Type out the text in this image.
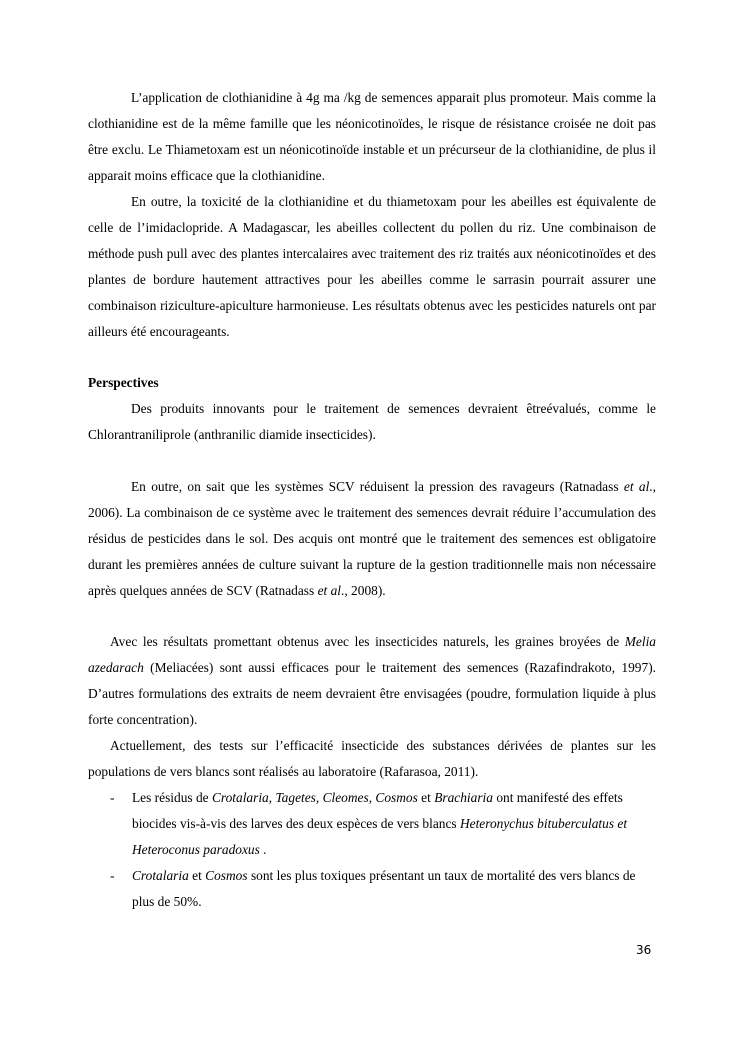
L’application de clothianidine à 4g ma /kg de semences apparait plus promoteur. Mais comme la clothianidine est de la même famille que les néonicotinoïdes, le risque de résistance croisée ne doit pas être exclu. Le Thiametoxam est un néonicotinoïde instable et un précurseur de la clothianidine, de plus il apparait moins efficace que la clothianidine.

En outre, la toxicité de la clothianidine et du thiametoxam pour les abeilles est équivalente de celle de l’imidaclopride. A Madagascar, les abeilles collectent du pollen du riz. Une combinaison de méthode push pull avec des plantes intercalaires avec traitement des riz traités aux néonicotinoïdes et des plantes de bordure hautement attractives pour les abeilles comme le sarrasin pourrait assurer une combinaison riziculture-apiculture harmonieuse. Les résultats obtenus avec les pesticides naturels ont par ailleurs été encourageants.

Perspectives

Des produits innovants pour le traitement de semences devraient êtreévalués, comme le Chlorantraniliprole (anthranilic diamide insecticides).

En outre, on sait que les systèmes SCV réduisent la pression des ravageurs (Ratnadass et al., 2006). La combinaison de ce système avec le traitement des semences devrait réduire l’accumulation des résidus de pesticides dans le sol. Des acquis ont montré que le traitement des semences est obligatoire durant les premières années de culture suivant la rupture de la gestion traditionnelle mais non nécessaire après quelques années de SCV (Ratnadass et al., 2008).

Avec les résultats promettant obtenus avec les insecticides naturels, les graines broyées de Melia azedarach (Meliacées) sont aussi efficaces pour le traitement des semences (Razafindrakoto, 1997). D’autres formulations des extraits de neem devraient être envisagées (poudre, formulation liquide à plus forte concentration).

Actuellement, des tests sur l’efficacité insecticide des substances dérivées de plantes sur les populations de vers blancs sont réalisés au laboratoire (Rafarasoa, 2011).

- Les résidus de Crotalaria, Tagetes, Cleomes, Cosmos et Brachiaria ont manifesté des effets biocides vis-à-vis des larves des deux espèces de vers blancs Heteronychus bituberculatus et Heteroconus paradoxus .

- Crotalaria et Cosmos sont les plus toxiques présentant un taux de mortalité des vers blancs de plus de 50%.

36
